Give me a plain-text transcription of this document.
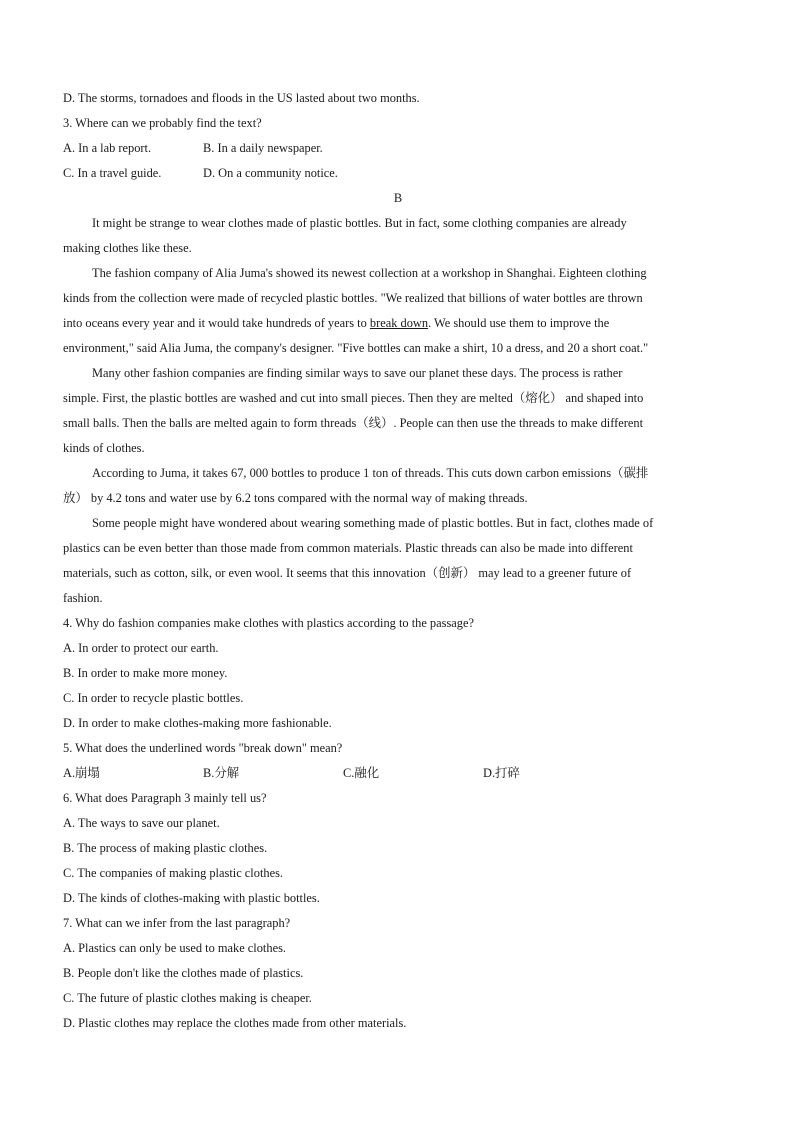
D. The storms, tornadoes and floods in the US lasted about two months.
3. Where can we probably find the text?
A. In a lab report.	B. In a daily newspaper.
C. In a travel guide.	D. On a community notice.
B
It might be strange to wear clothes made of plastic bottles. But in fact, some clothing companies are already
making clothes like these.
The fashion company of Alia Juma's showed its newest collection at a workshop in Shanghai. Eighteen clothing
kinds from the collection were made of recycled plastic bottles. "We realized that billions of water bottles are thrown
into oceans every year and it would take hundreds of years to break down. We should use them to improve the
environment," said Alia Juma, the company's designer. "Five bottles can make a shirt, 10 a dress, and 20 a short coat."
Many other fashion companies are finding similar ways to save our planet these days. The process is rather
simple. First, the plastic bottles are washed and cut into small pieces. Then they are melted（熔化） and shaped into
small balls. Then the balls are melted again to form threads（线）. People can then use the threads to make different
kinds of clothes.
According to Juma, it takes 67, 000 bottles to produce 1 ton of threads. This cuts down carbon emissions（碳排
放） by 4.2 tons and water use by 6.2 tons compared with the normal way of making threads.
Some people might have wondered about wearing something made of plastic bottles. But in fact, clothes made of
plastics can be even better than those made from common materials. Plastic threads can also be made into different
materials, such as cotton, silk, or even wool. It seems that this innovation（创新） may lead to a greener future of
fashion.
4. Why do fashion companies make clothes with plastics according to the passage?
A. In order to protect our earth.
B. In order to make more money.
C. In order to recycle plastic bottles.
D. In order to make clothes-making more fashionable.
5. What does the underlined words "break down" mean?
A.崩塌	B.分解	C.融化	D.打碎
6. What does Paragraph 3 mainly tell us?
A. The ways to save our planet.
B. The process of making plastic clothes.
C. The companies of making plastic clothes.
D. The kinds of clothes-making with plastic bottles.
7. What can we infer from the last paragraph?
A. Plastics can only be used to make clothes.
B. People don't like the clothes made of plastics.
C. The future of plastic clothes making is cheaper.
D. Plastic clothes may replace the clothes made from other materials.
